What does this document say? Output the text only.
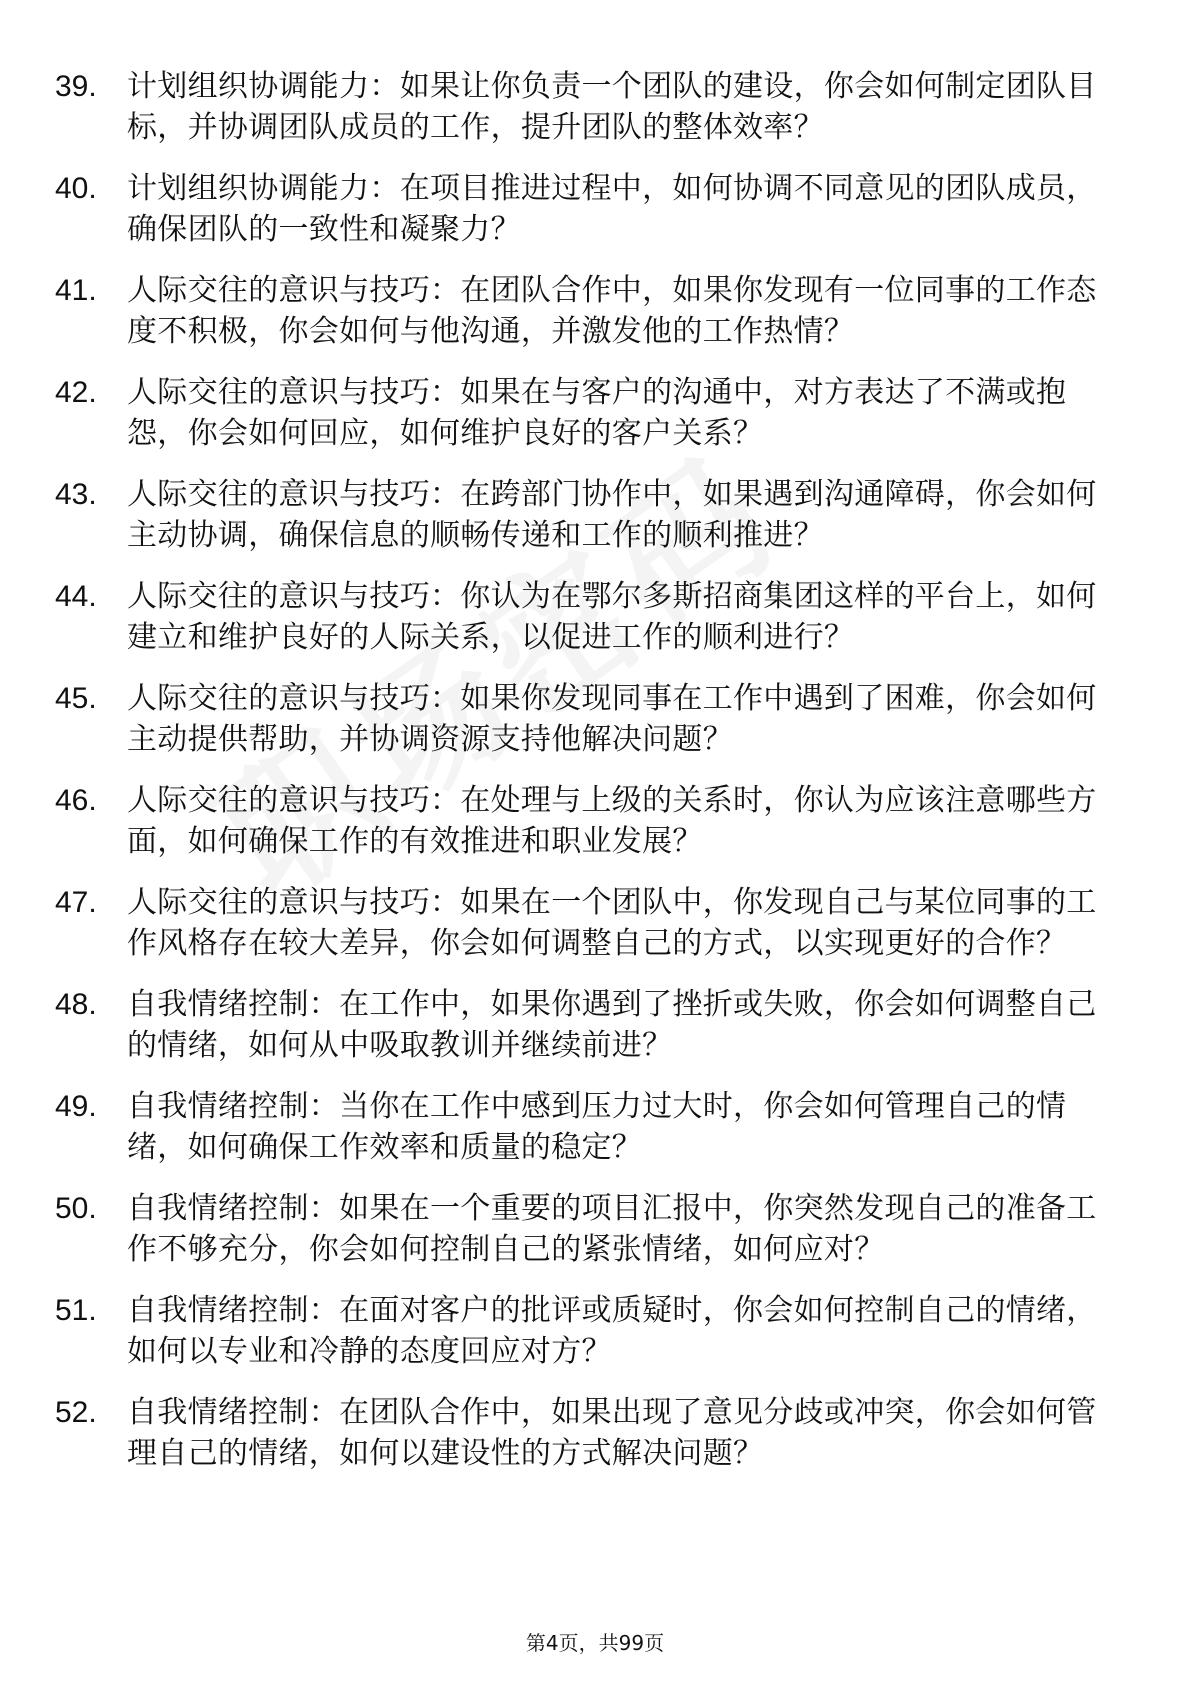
39.	计划组织协调能力：如果让你负责一个团队的建设，你会如何制定团队目标，并协调团队成员的工作，提升团队的整体效率？
40.	计划组织协调能力：在项目推进过程中，如何协调不同意见的团队成员，确保团队的一致性和凝聚力？
41.	人际交往的意识与技巧：在团队合作中，如果你发现有一位同事的工作态度不积极，你会如何与他沟通，并激发他的工作热情？
42.	人际交往的意识与技巧：如果在与客户的沟通中，对方表达了不满或抱怨，你会如何回应，如何维护良好的客户关系？
43.	人际交往的意识与技巧：在跨部门协作中，如果遇到沟通障碍，你会如何主动协调，确保信息的顺畅传递和工作的顺利推进？
44.	人际交往的意识与技巧：你认为在鄂尔多斯招商集团这样的平台上，如何建立和维护良好的人际关系，以促进工作的顺利进行？
45.	人际交往的意识与技巧：如果你发现同事在工作中遇到了困难，你会如何主动提供帮助，并协调资源支持他解决问题？
46.	人际交往的意识与技巧：在处理与上级的关系时，你认为应该注意哪些方面，如何确保工作的有效推进和职业发展？
47.	人际交往的意识与技巧：如果在一个团队中，你发现自己与某位同事的工作风格存在较大差异，你会如何调整自己的方式，以实现更好的合作？
48.	自我情绪控制：在工作中，如果你遇到了挫折或失败，你会如何调整自己的情绪，如何从中吸取教训并继续前进？
49.	自我情绪控制：当你在工作中感到压力过大时，你会如何管理自己的情绪，如何确保工作效率和质量的稳定？
50.	自我情绪控制：如果在一个重要的项目汇报中，你突然发现自己的准备工作不够充分，你会如何控制自己的紧张情绪，如何应对？
51.	自我情绪控制：在面对客户的批评或质疑时，你会如何控制自己的情绪，如何以专业和冷静的态度回应对方？
52.	自我情绪控制：在团队合作中，如果出现了意见分歧或冲突，你会如何管理自己的情绪，如何以建设性的方式解决问题？
第4页，共99页
